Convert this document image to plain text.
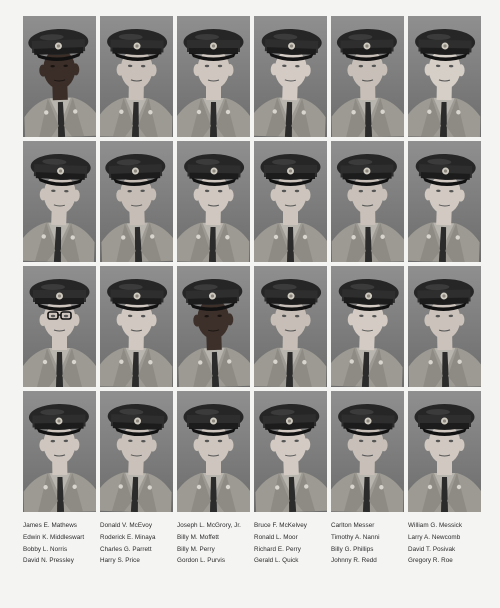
James E. Mathews
Edwin K. Middleswart
Bobby L. Norris
David N. Pressley
Donald V. McEvoy
Roderick E. Minaya
Charles G. Parrett
Harry S. Price
Joseph L. McGrory, Jr.
Billy M. Moffett
Billy M. Perry
Gordon L. Purvis
Bruce F. McKelvey
Ronald L. Moor
Richard E. Perry
Gerald L. Quick
Carlton Messer
Timothy A. Nanni
Billy G. Phillips
Johnny R. Redd
William G. Messick
Larry A. Newcomb
David T. Posivak
Gregory R. Roe
